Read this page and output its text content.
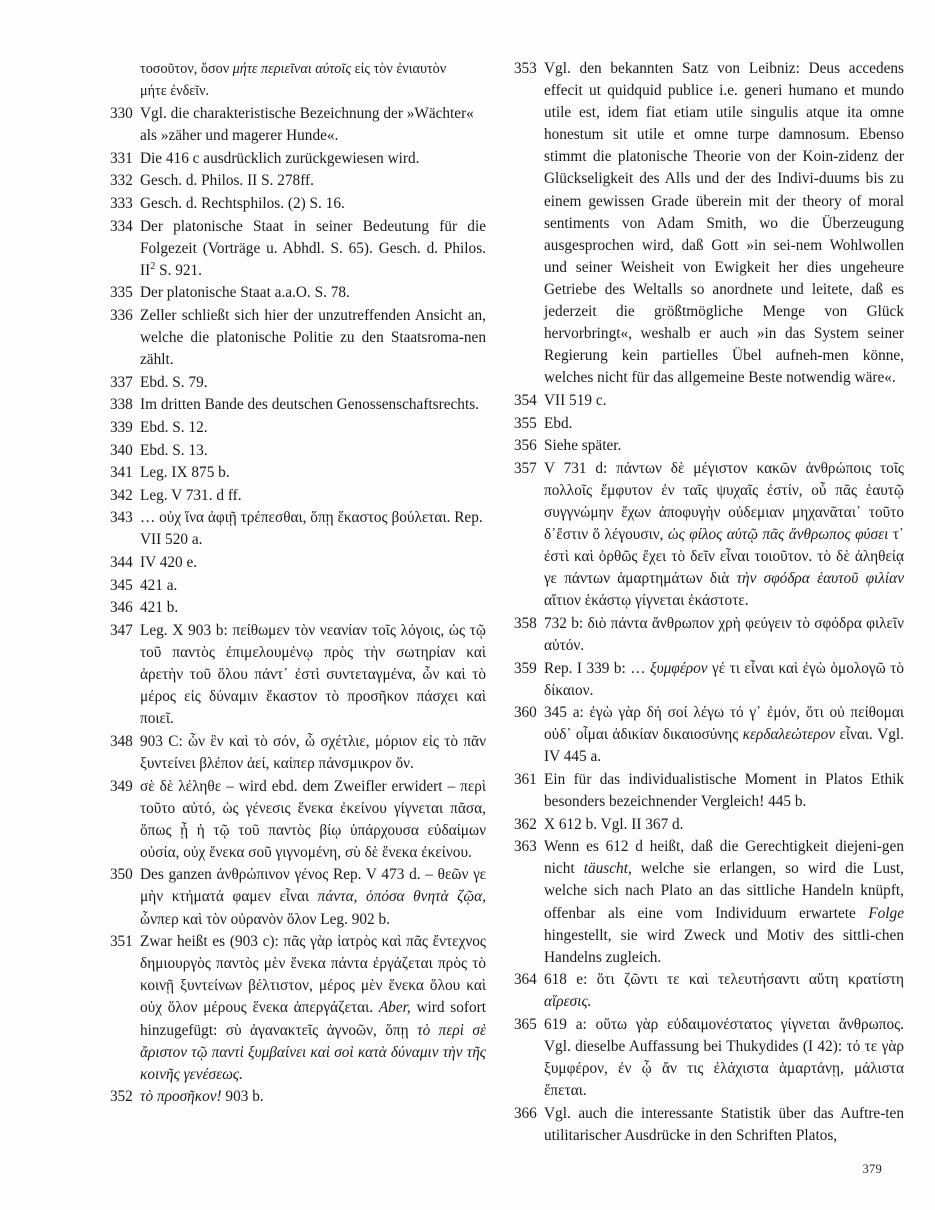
τοσοῦτον, ὅσον μήτε περιεῖναι αὐτοῖς εἰς τὸν ἐνιαυτὸν
μήτε ἐνδεῖν.
330 Vgl. die charakteristische Bezeichnung der »Wächter« als »zäher und magerer Hunde«.
331 Die 416 c ausdrücklich zurückgewiesen wird.
332 Gesch. d. Philos. II S. 278ff.
333 Gesch. d. Rechtsphilos. (2) S. 16.
334 Der platonische Staat in seiner Bedeutung für die Folgezeit (Vorträge u. Abhdl. S. 65). Gesch. d. Philos. $II^2$ S. 921.
335 Der platonische Staat a.a.O. S. 78.
336 Zeller schließt sich hier der unzutreffenden Ansicht an, welche die platonische Politie zu den Staatsroma-nen zählt.
337 Ebd. S. 79.
338 Im dritten Bande des deutschen Genossenschaftsrechts.
339 Ebd. S. 12.
340 Ebd. S. 13.
341 Leg. IX 875 b.
342 Leg. V 731. d ff.
343 … οὐχ ἵνα ἀφιῇ τρέπεσθαι, ὅπῃ ἕκαστος βούλεται. Rep. VII 520 a.
344 IV 420 e.
345 421 a.
346 421 b.
347 Leg. X 903 b: πείθωμεν τὸν νεανίαν τοῖς λόγοις, ὡς τῷ τοῦ παντὸς ἐπιμελουμένῳ πρὸς τὴν σωτηρίαν καὶ ἀρετὴν τοῦ ὅλου πάντ᾿ ἐστὶ συντεταγμένα, ὧν καὶ τὸ μέρος εἰς δύναμιν ἕκαστον τὸ προσῆκον πάσχει καὶ ποιεῖ.
348 903 C: ὧν ἓν καὶ τὸ σόν, ὦ σχέτλιε, μόριον εἰς τὸ πᾶν ξυντείνει βλέπον ἀεί, καίπερ πάνσμικρον ὄν.
349 σὲ δὲ λέληθε – wird ebd. dem Zweifler erwidert – περὶ τοῦτο αὐτό, ὡς γένεσις ἕνεκα ἐκείνου γίγνεται πᾶσα, ὅπως ᾖ ἡ τῷ τοῦ παντὸς βίῳ ὑπάρχουσα εὐδαίμων οὐσία, οὐχ ἕνεκα σοῦ γιγνομένη, σὺ δὲ ἕνεκα ἐκείνου.
350 Des ganzen ἀνθρώπινον γένος Rep. V 473 d. – θεῶν γε μὴν κτήματά φαμεν εἶναι πάντα, ὁπόσα θνητὰ ζῷα, ὧνπερ καὶ τὸν οὐρανὸν ὅλον Leg. 902 b.
351 Zwar heißt es (903 c): πᾶς γὰρ ἰατρὸς καὶ πᾶς ἔντεχνος δημιουργὸς παντὸς μὲν ἕνεκα πάντα ἐργάζεται πρὸς τὸ κοινῇ ξυντείνων βέλτιστον, μέρος μὲν ἕνεκα ὅλου καὶ οὐχ ὅλον μέρους ἕνεκα ἀπεργάζεται. Aber, wird sofort hinzugefügt: σὺ ἀγανακτεῖς ἀγνοῶν, ὅπῃ τὸ περὶ σὲ ἄριστον τῷ παντὶ ξυμβαίνει καὶ σοὶ κατὰ δύναμιν τὴν τῆς κοινῆς γενέσεως.
352 τὸ προσῆκον! 903 b.
353 Vgl. den bekannten Satz von Leibniz: Deus accedens effecit ut quidquid publice i.e. generi humano et mundo utile est, idem fiat etiam utile singulis atque ita omne honestum sit utile et omne turpe damnosum. Ebenso stimmt die platonische Theorie von der Koin-zidenz der Glückseligkeit des Alls und der des Indivi-duums bis zu einem gewissen Grade überein mit der theory of moral sentiments von Adam Smith, wo die Überzeugung ausgesprochen wird, daß Gott »in sei-nem Wohlwollen und seiner Weisheit von Ewigkeit her dies ungeheure Getriebe des Weltalls so anordnete und leitete, daß es jederzeit die größtmögliche Menge von Glück hervorbringt«, weshalb er auch »in das System seiner Regierung kein partielles Übel aufneh-men könne, welches nicht für das allgemeine Beste notwendig wäre«.
354 VII 519 c.
355 Ebd.
356 Siehe später.
357 V 731 d: πάντων δὲ μέγιστον κακῶν ἀνθρώποις τοῖς πολλοῖς ἔμφυτον ἐν ταῖς ψυχαῖς ἐστίν, οὗ πᾶς ἑαυτῷ συγγνώμην ἔχων ἀποφυγὴν οὐδεμιαν μηχανᾶται᾿ τοῦτο δ᾿ἔστιν ὅ λέγουσιν, ὡς φίλος αὑτῷ πᾶς ἄνθρωπος φύσει τ᾿ ἐστὶ καὶ ὀρθῶς ἔχει τὸ δεῖν εἶναι τοιοῦτον. τὸ δὲ ἀληθείᾳ γε πάντων ἁμαρτημάτων διὰ τὴν σφόδρα ἑαυτοῦ φιλίαν αἴτιον ἑκάστῳ γίγνεται ἑκάστοτε.
358 732 b: διὸ πάντα ἄνθρωπον χρὴ φεύγειν τὸ σφόδρα φιλεῖν αὑτόν.
359 Rep. I 339 b: … ξυμφέρον γέ τι εἶναι καὶ ἐγὼ ὁμολογῶ τὸ δίκαιον.
360 345 a: ἐγὼ γὰρ δή σοί λέγω τό γ᾿ ἐμόν, ὅτι οὐ πείθομαι οὐδ᾿ οἶμαι ἀδικίαν δικαιοσύνης κερδαλεώτερον εἶναι. Vgl. IV 445 a.
361 Ein für das individualistische Moment in Platos Ethik besonders bezeichnender Vergleich! 445 b.
362 X 612 b. Vgl. II 367 d.
363 Wenn es 612 d heißt, daß die Gerechtigkeit diejeni-gen nicht täuscht, welche sie erlangen, so wird die Lust, welche sich nach Plato an das sittliche Handeln knüpft, offenbar als eine vom Individuum erwartete Folge hingestellt, sie wird Zweck und Motiv des sittli-chen Handelns zugleich.
364 618 e: ὅτι ζῶντι τε καὶ τελευτήσαντι αὕτη κρατίστη αἵρεσις.
365 619 a: οὕτω γὰρ εὐδαιμονέστατος γίγνεται ἄνθρωπος. Vgl. dieselbe Auffassung bei Thukydides (I 42): τό τε γὰρ ξυμφέρον, ἐν ᾧ ἄν τις ἐλάχιστα ἁμαρτάνῃ, μάλιστα ἕπεται.
366 Vgl. auch die interessante Statistik über das Auftre-ten utilitarischer Ausdrücke in den Schriften Platos,
379
